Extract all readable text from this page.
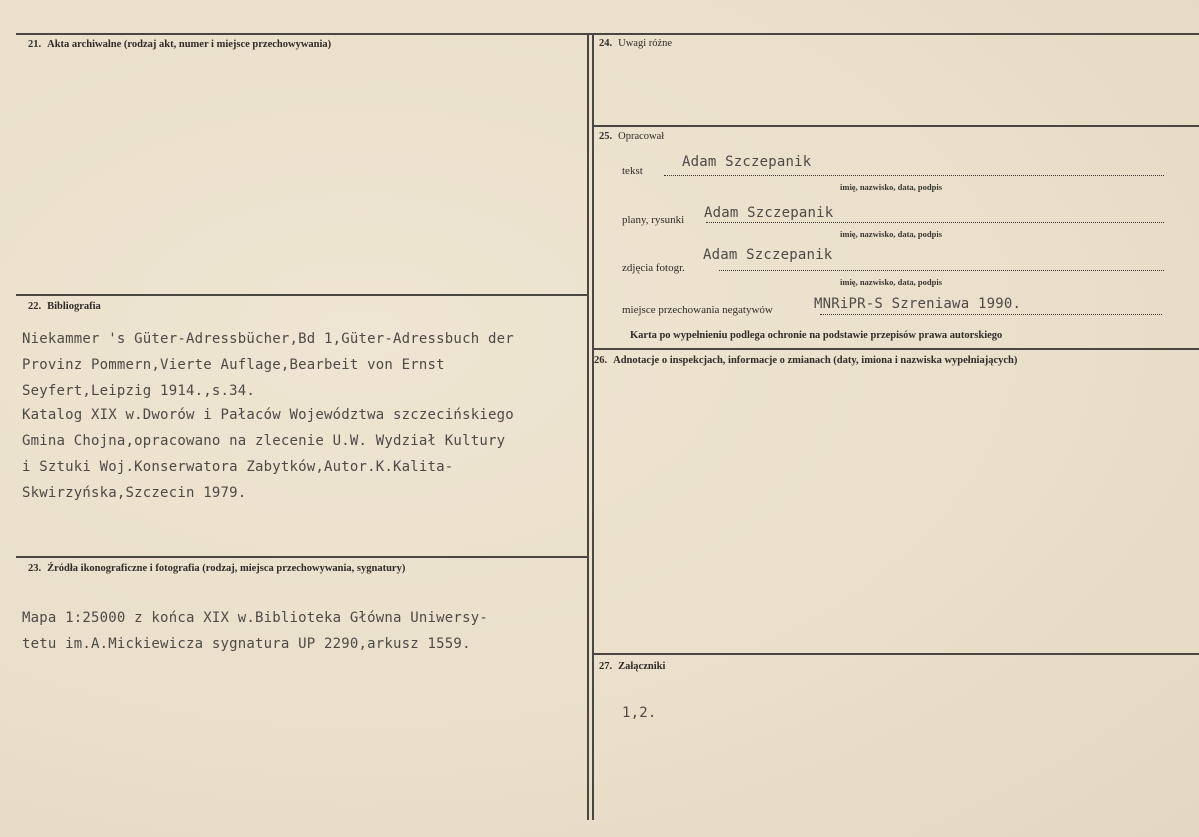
21. Akta archiwalne (rodzaj akt, numer i miejsce przechowywania)
22. Bibliografia
Niekammer 's Güter-Adressbücher,Bd 1,Güter-Adressbuch der
Provinz Pommern,Vierte Auflage,Bearbeit von Ernst
Seyfert,Leipzig 1914.,s.34.
Katalog XIX w.Dworów i Pałaców Województwa szczecińskiego
Gmina Chojna,opracowano na zlecenie U.W. Wydział Kultury
i Sztuki Woj.Konserwatora Zabytków,Autor.K.Kalita-
Skwirzyńska,Szczecin 1979.
23. Źródła ikonograficzne i fotografia (rodzaj, miejsca przechowywania, sygnatury)
Mapa 1:25000 z końca XIX w.Biblioteka Główna Uniwersy-
tetu im.A.Mickiewicza sygnatura UP 2290,arkusz 1559.
24. Uwagi różne
25. Opracował
tekst
Adam Szczepanik
imię, nazwisko, data, podpis
plany, rysunki Adam Szczepanik
imię, nazwisko, data, podpis
zdjęcia fotogr.
Adam Szczepanik
imię, nazwisko, data, podpis
miejsce przechowania negatywów	MNRiPR-S Szreniawa 1990.
Karta po wypełnieniu podlega ochronie na podstawie przepisów prawa autorskiego
26. Adnotacje o inspekcjach, informacje o zmianach (daty, imiona i nazwiska wypełniających)
27. Załączniki
1,2.
